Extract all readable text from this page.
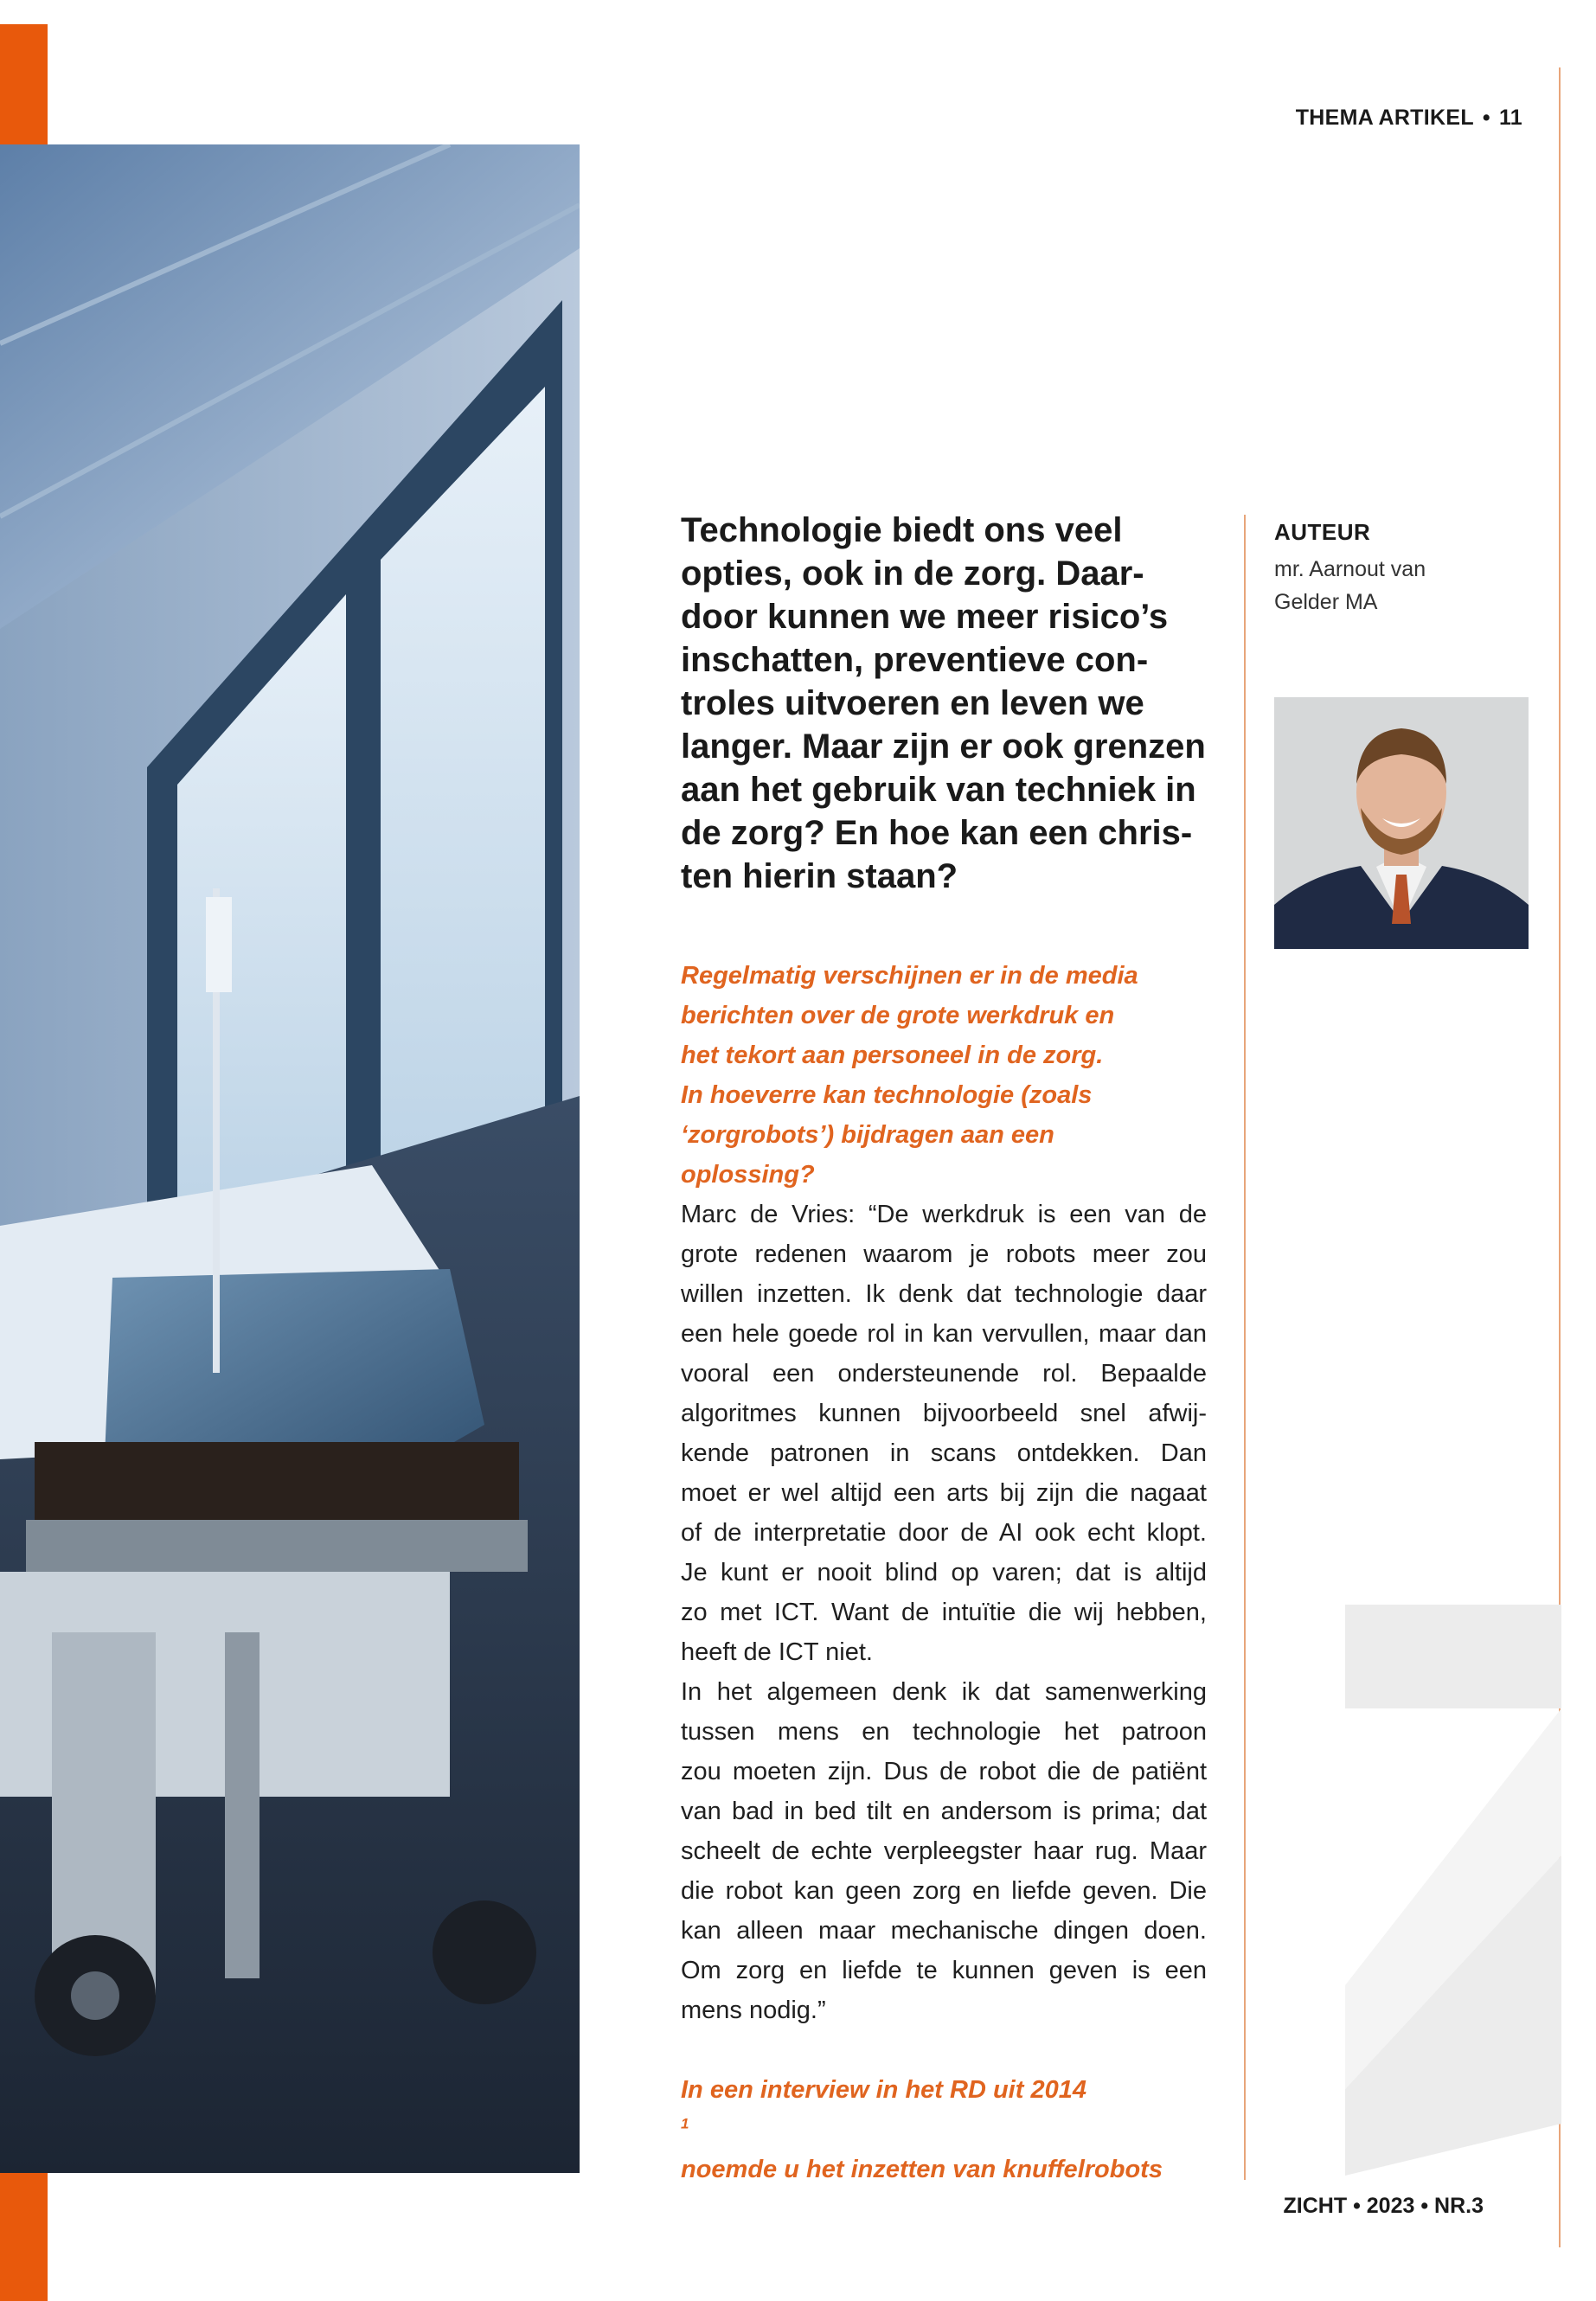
THEMA ARTIKEL • 11
Technologie biedt ons veel
opties, ook in de zorg. Daar-
door kunnen we meer risico’s
inschatten, preventieve con-
troles uitvoeren en leven we
langer. Maar zijn er ook grenzen
aan het gebruik van techniek in
de zorg? En hoe kan een chris-
ten hierin staan?
AUTEUR
mr. Aarnout van
Gelder MA
Regelmatig verschijnen er in de media
berichten over de grote werkdruk en
het tekort aan personeel in de zorg.
In hoeverre kan technologie (zoals
‘zorgrobots’) bijdragen aan een
oplossing?
Marc de Vries: “De werkdruk is een van de
grote redenen waarom je robots meer zou
willen inzetten. Ik denk dat technologie daar
een hele goede rol in kan vervullen, maar dan
vooral een ondersteunende rol. Bepaalde
algoritmes kunnen bijvoorbeeld snel afwij-
kende patronen in scans ontdekken. Dan
moet er wel altijd een arts bij zijn die nagaat
of de interpretatie door de AI ook echt klopt.
Je kunt er nooit blind op varen; dat is altijd
zo met ICT. Want de intuïtie die wij hebben,
heeft de ICT niet.
In het algemeen denk ik dat samenwerking
tussen mens en technologie het patroon
zou moeten zijn. Dus de robot die de patiënt
van bad in bed tilt en andersom is prima; dat
scheelt de echte verpleegster haar rug. Maar
die robot kan geen zorg en liefde geven. Die
kan alleen maar mechanische dingen doen.
Om zorg en liefde te kunnen geven is een
mens nodig.”
In een interview in het RD uit 2014
$^1$
noemde u het inzetten van knuffelrobots
ZICHT • 2023 • NR.3
